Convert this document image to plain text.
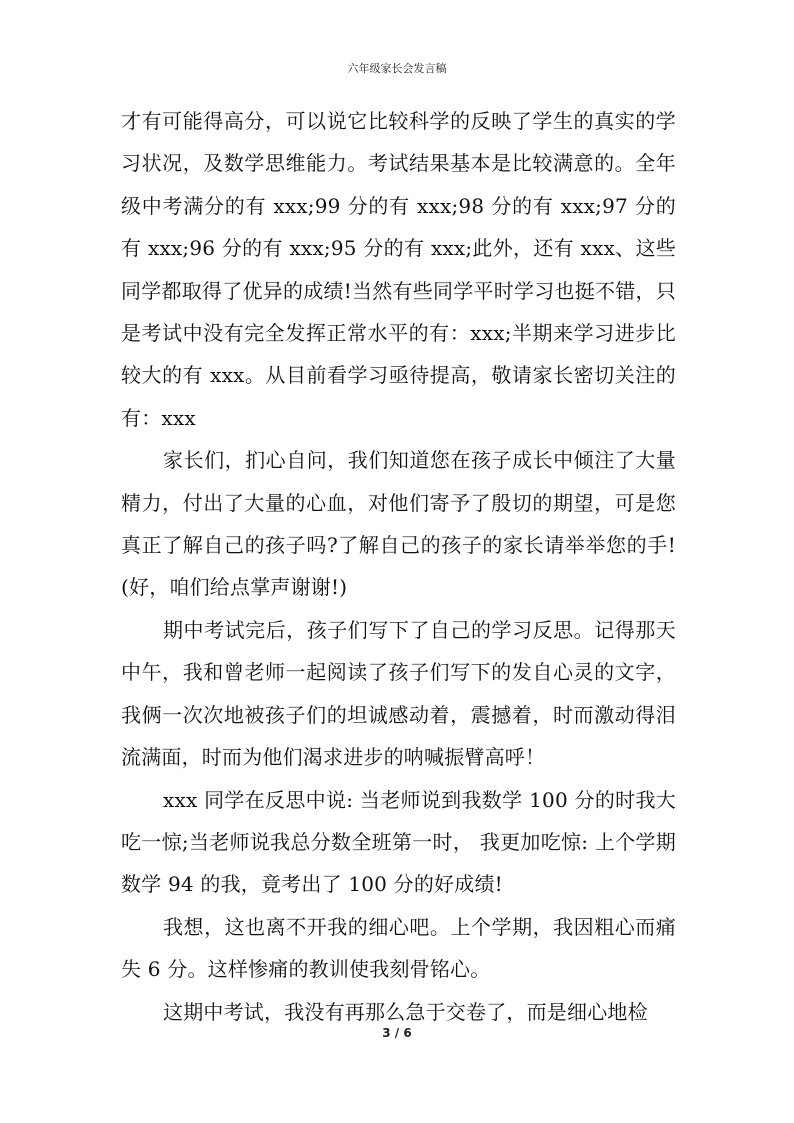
六年级家长会发言稿

才有可能得高分，可以说它比较科学的反映了学生的真实的学习状况，及数学思维能力。考试结果基本是比较满意的。全年级中考满分的有 xxx;99 分的有 xxx;98 分的有 xxx;97 分的有 xxx;96 分的有 xxx;95 分的有 xxx;此外，还有 xxx、这些同学都取得了优异的成绩!当然有些同学平时学习也挺不错，只是考试中没有完全发挥正常水平的有：xxx;半期来学习进步比较大的有 xxx。从目前看学习亟待提高，敬请家长密切关注的有：xxx

家长们，扪心自问，我们知道您在孩子成长中倾注了大量精力，付出了大量的心血，对他们寄予了殷切的期望，可是您真正了解自己的孩子吗?了解自己的孩子的家长请举举您的手!(好，咱们给点掌声谢谢!)

期中考试完后，孩子们写下了自己的学习反思。记得那天中午，我和曾老师一起阅读了孩子们写下的发自心灵的文字，我俩一次次地被孩子们的坦诚感动着，震撼着，时而激动得泪流满面，时而为他们渴求进步的呐喊振臂高呼！

xxx 同学在反思中说: 当老师说到我数学 100 分的时我大吃一惊;当老师说我总分数全班第一时， 我更加吃惊: 上个学期数学 94 的我，竟考出了 100 分的好成绩!

我想，这也离不开我的细心吧。上个学期，我因粗心而痛失 6 分。这样惨痛的教训使我刻骨铭心。

这期中考试，我没有再那么急于交卷了，而是细心地检

3 / 6
